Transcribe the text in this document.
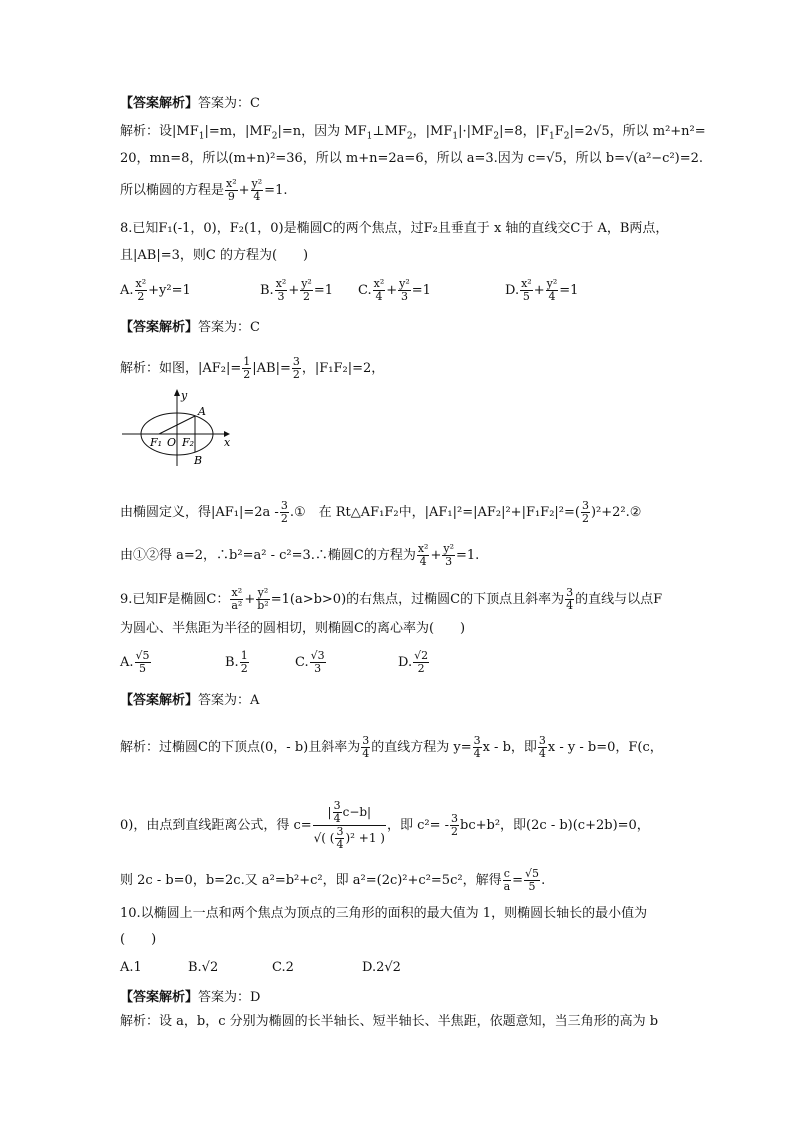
【答案解析】答案为：C
解析：设$|MF_1|=m$，$|MF_2|=n$，因为 $MF_1\perp MF_2$，$|MF_1|\cdot|MF_2|=8$，$|F_1F_2|=2√5$，所以 m²+n²=
20，mn=8，所以(m+n)²=36，所以 m+n=2a=6，所以 a=3.因为 c=√5，所以 b=√(a²−c²)=2.
所以椭圆的方程是 $\frac{\text{x²}}{9} + \frac{\text{y²}}{4} =1$.
8.已知F₁(-1，0)，F₂(1，0)是椭圆C的两个焦点，过F₂且垂直于 x 轴的直线交C于 A，B两点，
且|AB|=3，则C 的方程为(　　)
A. $\frac{\text{x²}}{2} +y^2=1$	B. $\frac{\text{x²}}{3} + \frac{\text{y²}}{2} =1$ C. $\frac{\text{x²}}{4} + \frac{\text{y²}}{3} =1$	D. $\frac{\text{x²}}{5} + \frac{\text{y²}}{4} =1$
【答案解析】答案为：C
解析：如图，$|AF_2|= \frac{1}{2} |AB|= \frac{3}{2}$ ，|F₁F₂|=2，
y
x
A
B
O
F₁ F₂
由椭圆定义，得$|AF_1|=2a - \frac{3}{2}$ .①　在 Rt△AF₁F₂中，$|AF_1|^2=|AF_2|^2+|F_1F_2|^2=( \frac{3}{2}$ )²+2².②
由①②得 a=2，∴b²=a² - c²=3.∴椭圆C的方程为 $\frac{\text{x²}}{4} + \frac{\text{y²}}{3} =1$.
9.已知F是椭圆C： $\frac{\text{x²}}{\text{a²}} + \frac{\text{y²}}{\text{b²}} =1(a>b>0)$的右焦点，过椭圆C的下顶点且斜率为 $\frac{3}{4}$ 的直线与以点F
为圆心、半焦距为半径的圆相切，则椭圆C的离心率为(　　)
A. $\frac{√5}{5}$	B. $\frac{1}{2}$	C. $\frac{√3}{3}$	D. $\frac{√2}{2}$
【答案解析】答案为：A
解析：过椭圆C的下顶点(0，- b)且斜率为 $\frac{3}{4}$ 的直线方程为 $y= \frac{3}{4}$ x - b，即 $\frac{3}{4}$ x - y - b=0，F(c，
0)，由点到直线距离公式，得 $c= \frac{| \frac{3}{4} c-b|}{√( ( \frac{3}{4} )^2 +1 )}$ ，即 $c^2= - \frac{3}{2} bc+b^2$，即(2c - b)(c+2b)=0，
则 2c - b=0，b=2c.又 a²=b²+c²，即 a²=(2c)²+c²=5c²，解得 $\frac{c}{a} = \frac{√5}{5}$ .
10.以椭圆上一点和两个焦点为顶点的三角形的面积的最大值为 1，则椭圆长轴长的最小值为
(　　)
A.1	B.√2	C.2	D.2√2
【答案解析】答案为：D
解析：设 a，b，c 分别为椭圆的长半轴长、短半轴长、半焦距，依题意知，当三角形的高为 b
